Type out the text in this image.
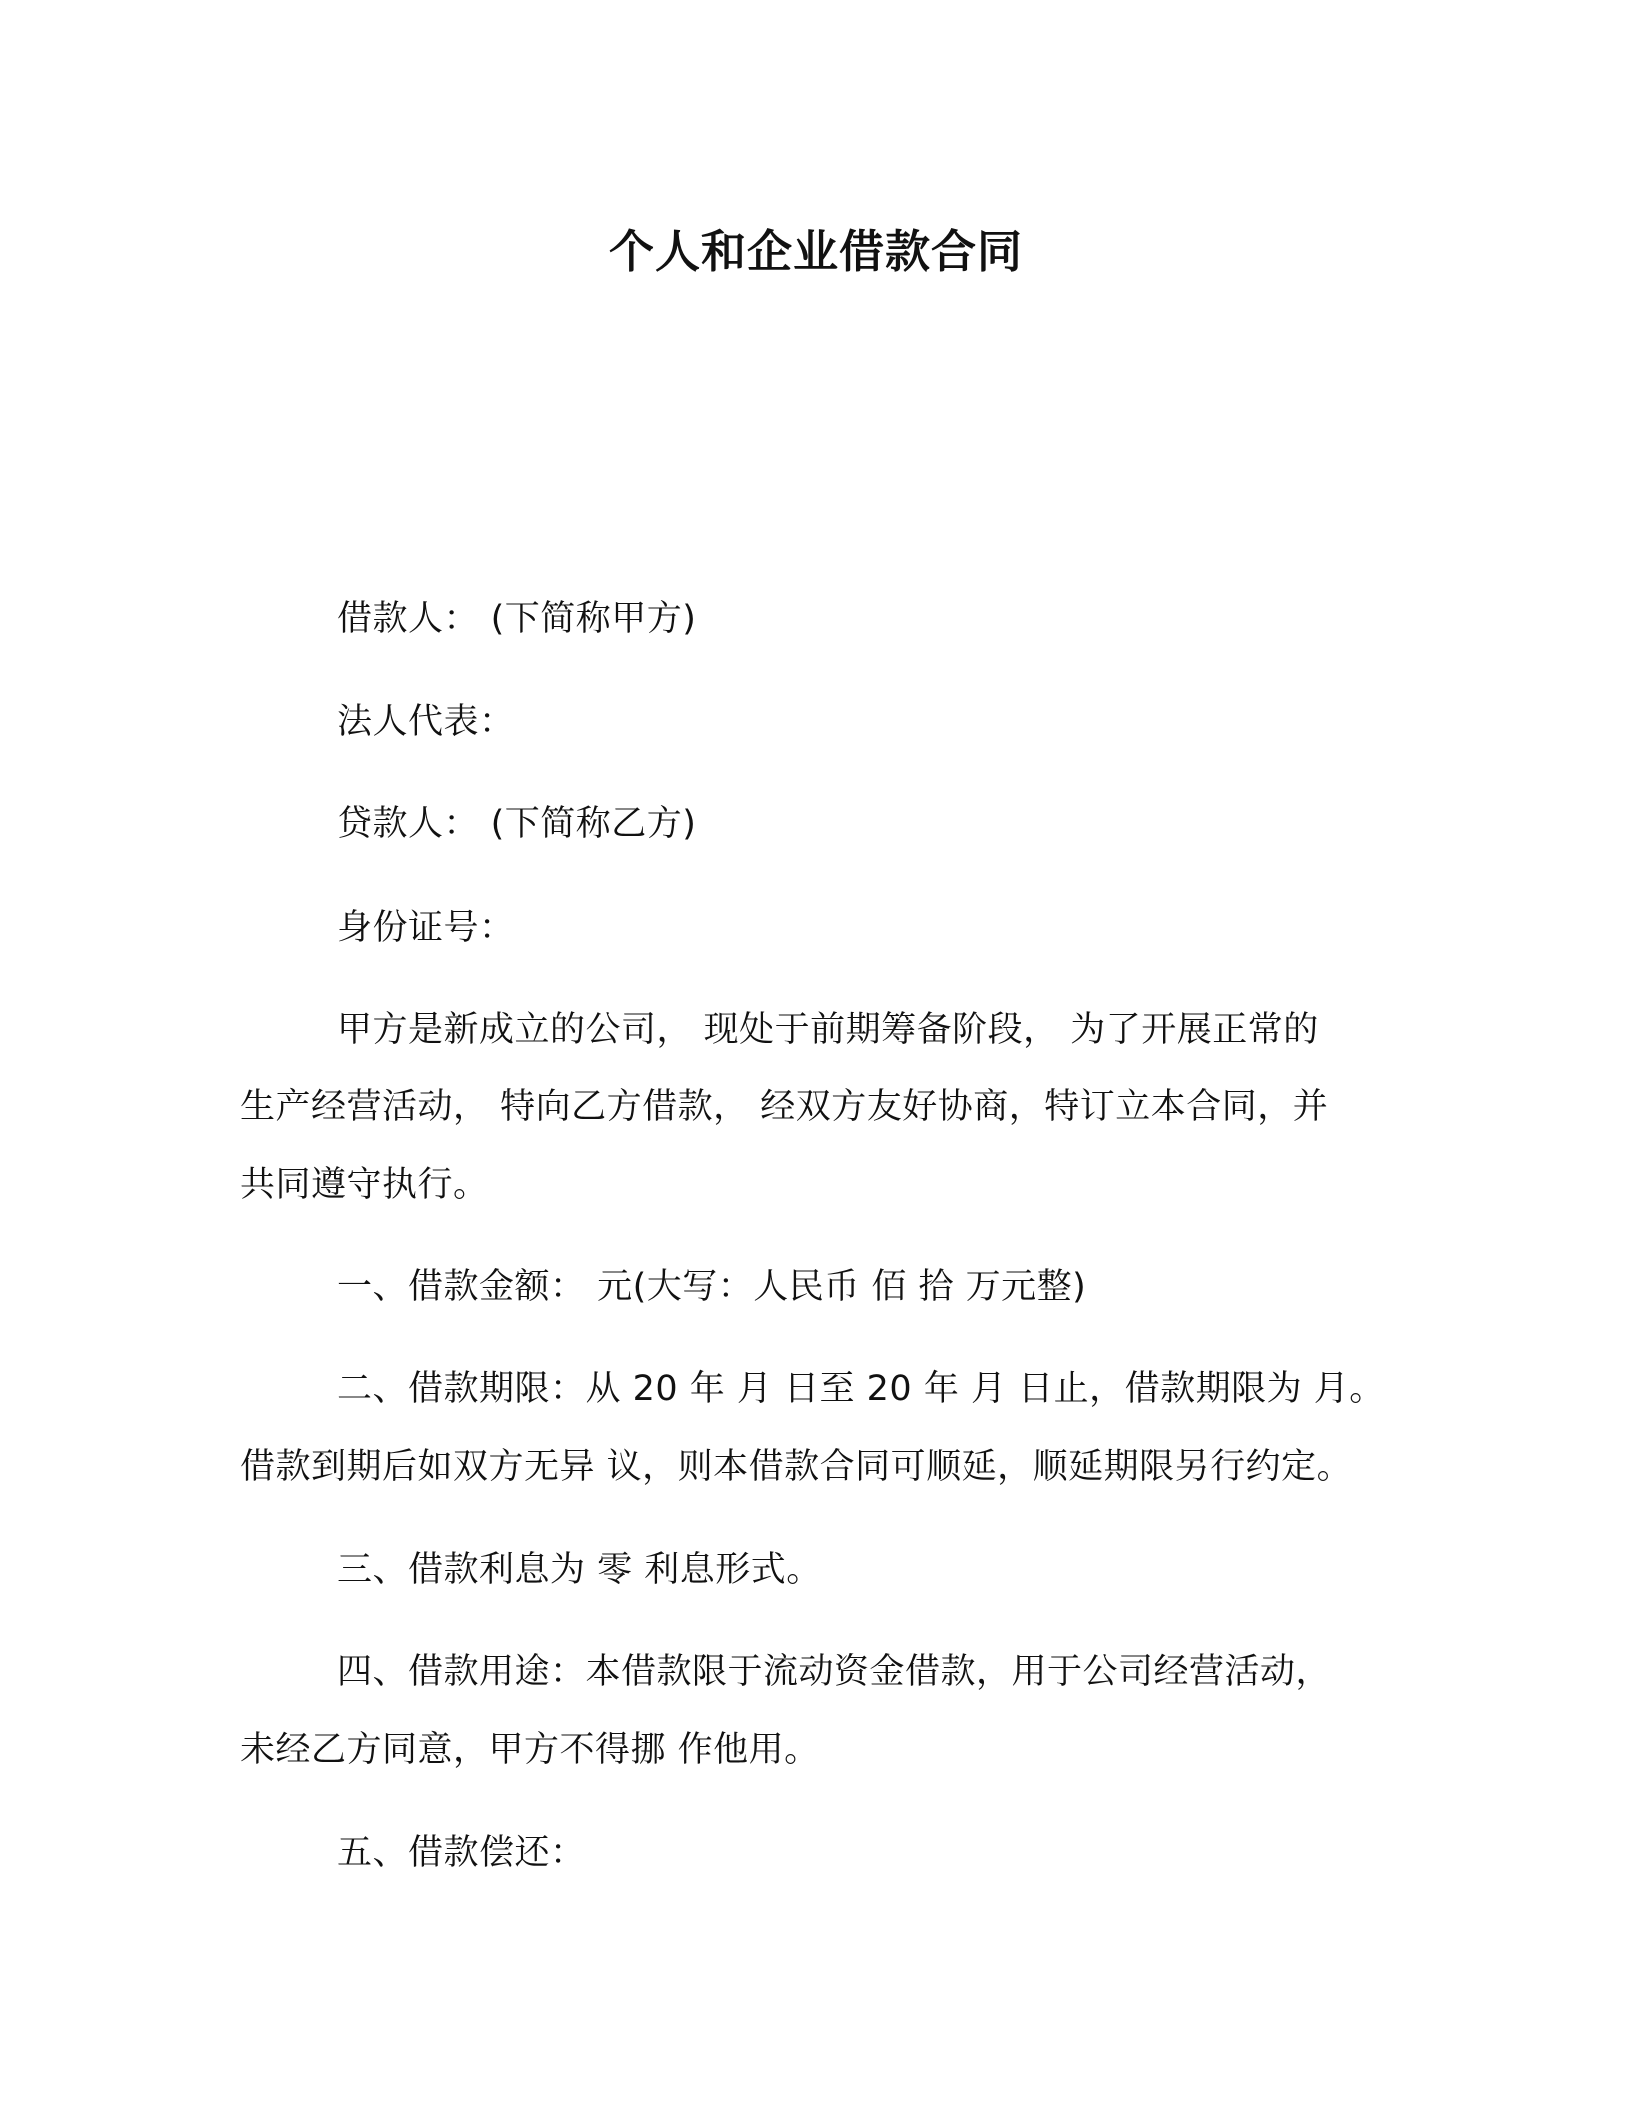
个人和企业借款合同
借款人： (下简称甲方)
法人代表：
贷款人： (下简称乙方)
身份证号：
甲方是新成立的公司， 现处于前期筹备阶段， 为了开展正常的
生产经营活动， 特向乙方借款， 经双方友好协商，特订立本合同，并
共同遵守执行。
一、借款金额： 元(大写：人民币 佰 拾 万元整)
二、借款期限：从 20 年 月 日至 20 年 月 日止，借款期限为 月。
借款到期后如双方无异 议，则本借款合同可顺延，顺延期限另行约定。
三、借款利息为 零 利息形式。
四、借款用途：本借款限于流动资金借款，用于公司经营活动，
未经乙方同意，甲方不得挪 作他用。
五、借款偿还：
